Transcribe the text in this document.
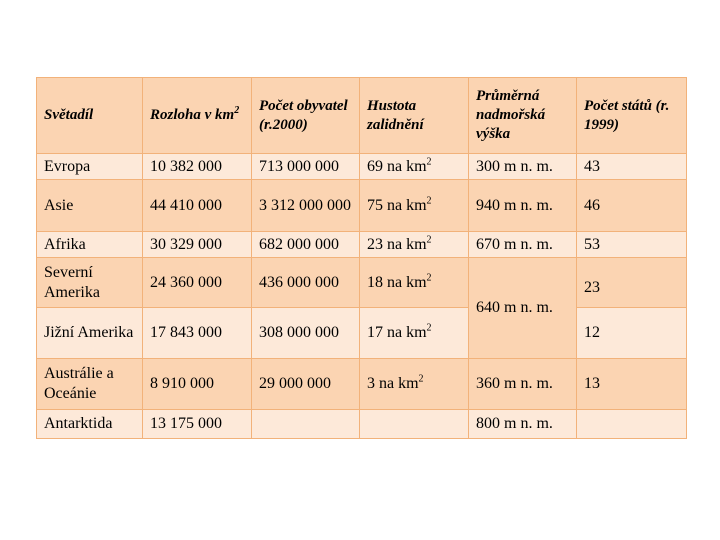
Světadíl	Rozloha v $km^2$	Počet obyvatel (r.2000)	Hustota zalidnění	Průměrná nadmořská výška	Počet států (r. 1999)
Evropa	10 382 000	713 000 000	69 na $km^2$	300 m n. m.	43
Asie	44 410 000	3 312 000 000	75 na $km^2$	940 m n. m.	46
Afrika	30 329 000	682 000 000	23 na $km^2$	670 m n. m.	53
Severní Amerika	24 360 000	436 000 000	18 na $km^2$	640 m n. m.	23
Jižní Amerika	17 843 000	308 000 000	17 na $km^2$		12
Austrálie a Oceánie	8 910 000	29 000 000	3 na $km^2$	360 m n. m.	13
Antarktida	13 175 000			800 m n. m.	
